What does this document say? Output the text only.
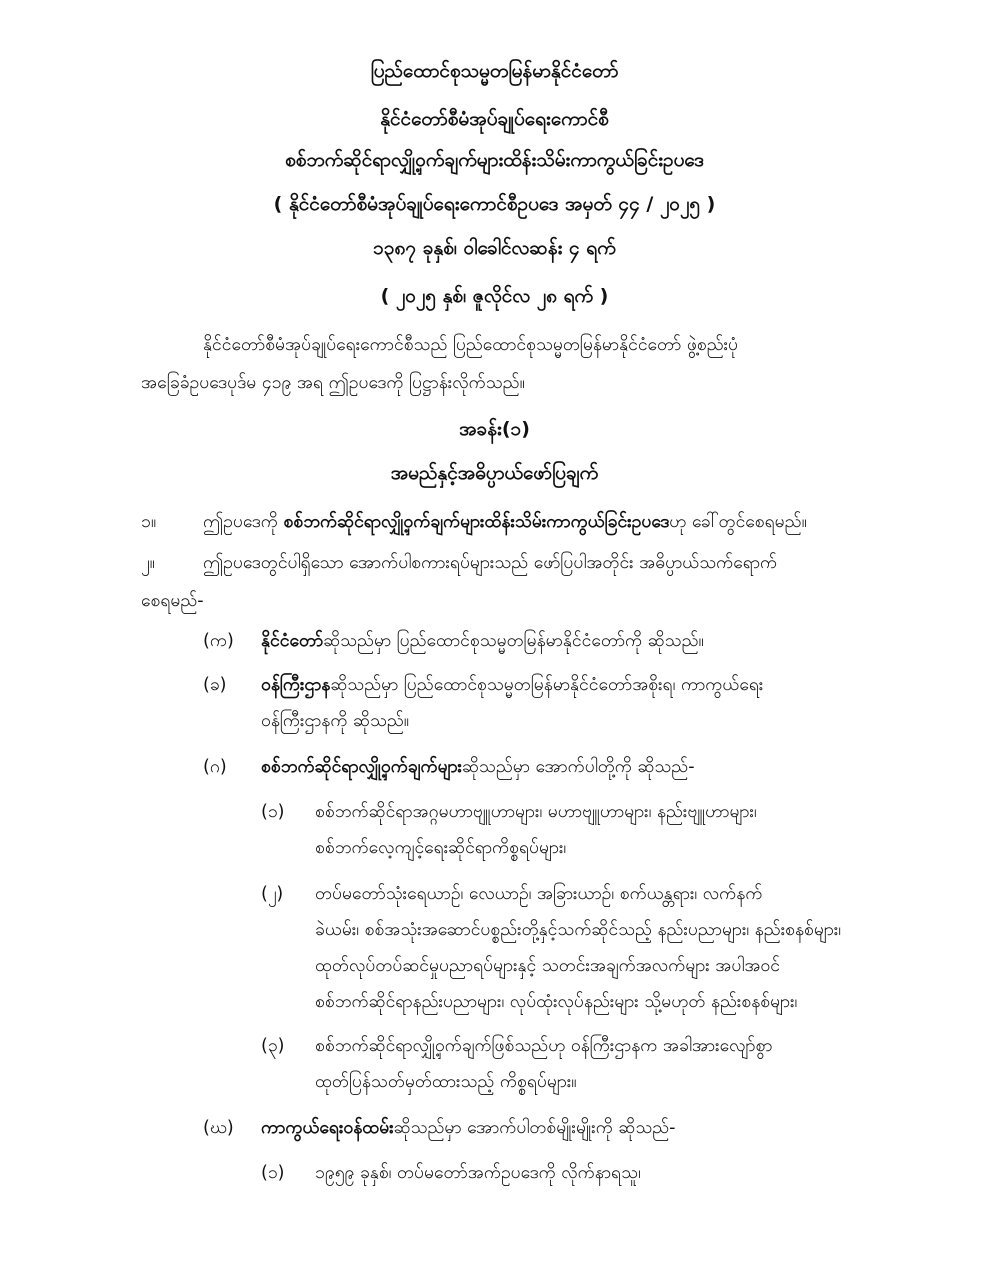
ပြည်ထောင်စုသမ္မတမြန်မာနိုင်ငံတော်
နိုင်ငံတော်စီမံအုပ်ချုပ်ရေးကောင်စီ
စစ်ဘက်ဆိုင်ရာလျှို့ဝှက်ချက်များထိန်းသိမ်းကာကွယ်ခြင်းဥပဒေ
( နိုင်ငံတော်စီမံအုပ်ချုပ်ရေးကောင်စီဥပဒေ အမှတ် ၄၄ / ၂၀၂၅ )
၁၃၈၇ ခုနှစ်၊ ဝါခေါင်လဆန်း ၄ ရက်
( ၂၀၂၅ နှစ်၊ ဇူလိုင်လ ၂၈ ရက် )
နိုင်ငံတော်စီမံအုပ်ချုပ်ရေးကောင်စီသည် ပြည်ထောင်စုသမ္မတမြန်မာနိုင်ငံတော် ဖွဲ့စည်းပုံ
အခြေခံဥပဒေပုဒ်မ ၄၁၉ အရ ဤဥပဒေကို ပြဋ္ဌာန်းလိုက်သည်။
အခန်း(၁)
အမည်နှင့်အဓိပ္ပာယ်ဖော်ပြချက်
၁။	ဤဥပဒေကို စစ်ဘက်ဆိုင်ရာလျှို့ဝှက်ချက်များထိန်းသိမ်းကာကွယ်ခြင်းဥပဒေဟု ခေါ်တွင်စေရမည်။
၂။	ဤဥပဒေတွင်ပါရှိသော အောက်ပါစကားရပ်များသည် ဖော်ပြပါအတိုင်း အဓိပ္ပာယ်သက်ရောက်
စေရမည်-
(က) နိုင်ငံတော်ဆိုသည်မှာ ပြည်ထောင်စုသမ္မတမြန်မာနိုင်ငံတော်ကို ဆိုသည်။
(ခ) ဝန်ကြီးဌာနဆိုသည်မှာ ပြည်ထောင်စုသမ္မတမြန်မာနိုင်ငံတော်အစိုးရ၊ ကာကွယ်ရေး
ဝန်ကြီးဌာနကို ဆိုသည်။
(ဂ) စစ်ဘက်ဆိုင်ရာလျှို့ဝှက်ချက်များဆိုသည်မှာ အောက်ပါတို့ကို ဆိုသည်-
(၁) စစ်ဘက်ဆိုင်ရာအဂ္ဂမဟာဗျူဟာများ၊ မဟာဗျူဟာများ၊ နည်းဗျူဟာများ၊
စစ်ဘက်လေ့ကျင့်ရေးဆိုင်ရာကိစ္စရပ်များ၊
(၂) တပ်မတော်သုံးရေယာဉ်၊ လေယာဉ်၊ အခြားယာဉ်၊ စက်ယန္တရား၊ လက်နက်
ခဲယမ်း၊ စစ်အသုံးအဆောင်ပစ္စည်းတို့နှင့်သက်ဆိုင်သည့် နည်းပညာများ၊ နည်းစနစ်များ၊
ထုတ်လုပ်တပ်ဆင်မှုပညာရပ်များနှင့် သတင်းအချက်အလက်များ အပါအဝင်
စစ်ဘက်ဆိုင်ရာနည်းပညာများ၊ လုပ်ထုံးလုပ်နည်းများ သို့မဟုတ် နည်းစနစ်များ၊
(၃) စစ်ဘက်ဆိုင်ရာလျှို့ဝှက်ချက်ဖြစ်သည်ဟု ဝန်ကြီးဌာနက အခါအားလျော်စွာ
ထုတ်ပြန်သတ်မှတ်ထားသည့် ကိစ္စရပ်များ။
(ဃ) ကာကွယ်ရေးဝန်ထမ်းဆိုသည်မှာ အောက်ပါတစ်မျိုးမျိုးကို ဆိုသည်-
(၁) ၁၉၅၉ ခုနှစ်၊ တပ်မတော်အက်ဥပဒေကို လိုက်နာရသူ၊
